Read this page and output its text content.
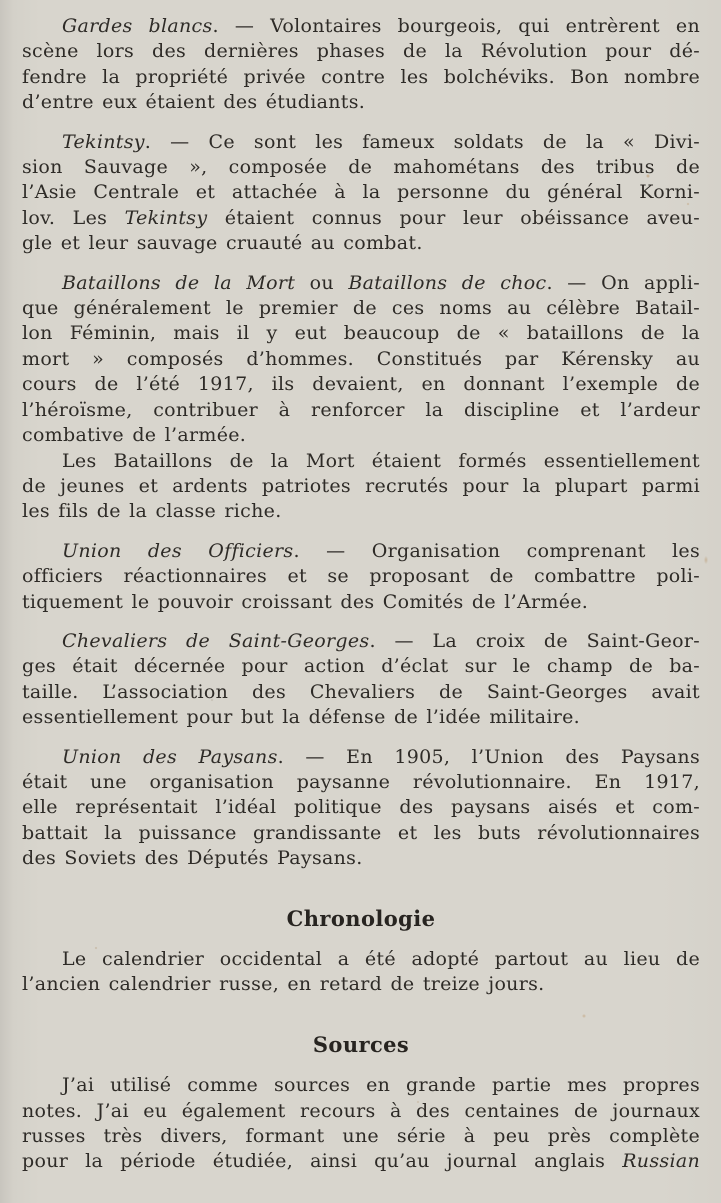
Gardes blancs. — Volontaires bourgeois, qui entrèrent en
scène lors des dernières phases de la Révolution pour dé-
fendre la propriété privée contre les bolchéviks. Bon nombre
d’entre eux étaient des étudiants.
Tekintsy. — Ce sont les fameux soldats de la « Divi-
sion Sauvage », composée de mahométans des tribus de
l’Asie Centrale et attachée à la personne du général Korni-
lov. Les Tekintsy étaient connus pour leur obéissance aveu-
gle et leur sauvage cruauté au combat.
Bataillons de la Mort ou Bataillons de choc. — On appli-
que généralement le premier de ces noms au célèbre Batail-
lon Féminin, mais il y eut beaucoup de « bataillons de la
mort » composés d’hommes. Constitués par Kérensky au
cours de l’été 1917, ils devaient, en donnant l’exemple de
l’héroïsme, contribuer à renforcer la discipline et l’ardeur
combative de l’armée.
Les Bataillons de la Mort étaient formés essentiellement
de jeunes et ardents patriotes recrutés pour la plupart parmi
les fils de la classe riche.
Union des Officiers. — Organisation comprenant les
officiers réactionnaires et se proposant de combattre poli-
tiquement le pouvoir croissant des Comités de l’Armée.
Chevaliers de Saint-Georges. — La croix de Saint-Geor-
ges était décernée pour action d’éclat sur le champ de ba-
taille. L’association des Chevaliers de Saint-Georges avait
essentiellement pour but la défense de l’idée militaire.
Union des Paysans. — En 1905, l’Union des Paysans
était une organisation paysanne révolutionnaire. En 1917,
elle représentait l’idéal politique des paysans aisés et com-
battait la puissance grandissante et les buts révolutionnaires
des Soviets des Députés Paysans.
Chronologie
Le calendrier occidental a été adopté partout au lieu de
l’ancien calendrier russe, en retard de treize jours.
Sources
J’ai utilisé comme sources en grande partie mes propres
notes. J’ai eu également recours à des centaines de journaux
russes très divers, formant une série à peu près complète
pour la période étudiée, ainsi qu’au journal anglais Russian
